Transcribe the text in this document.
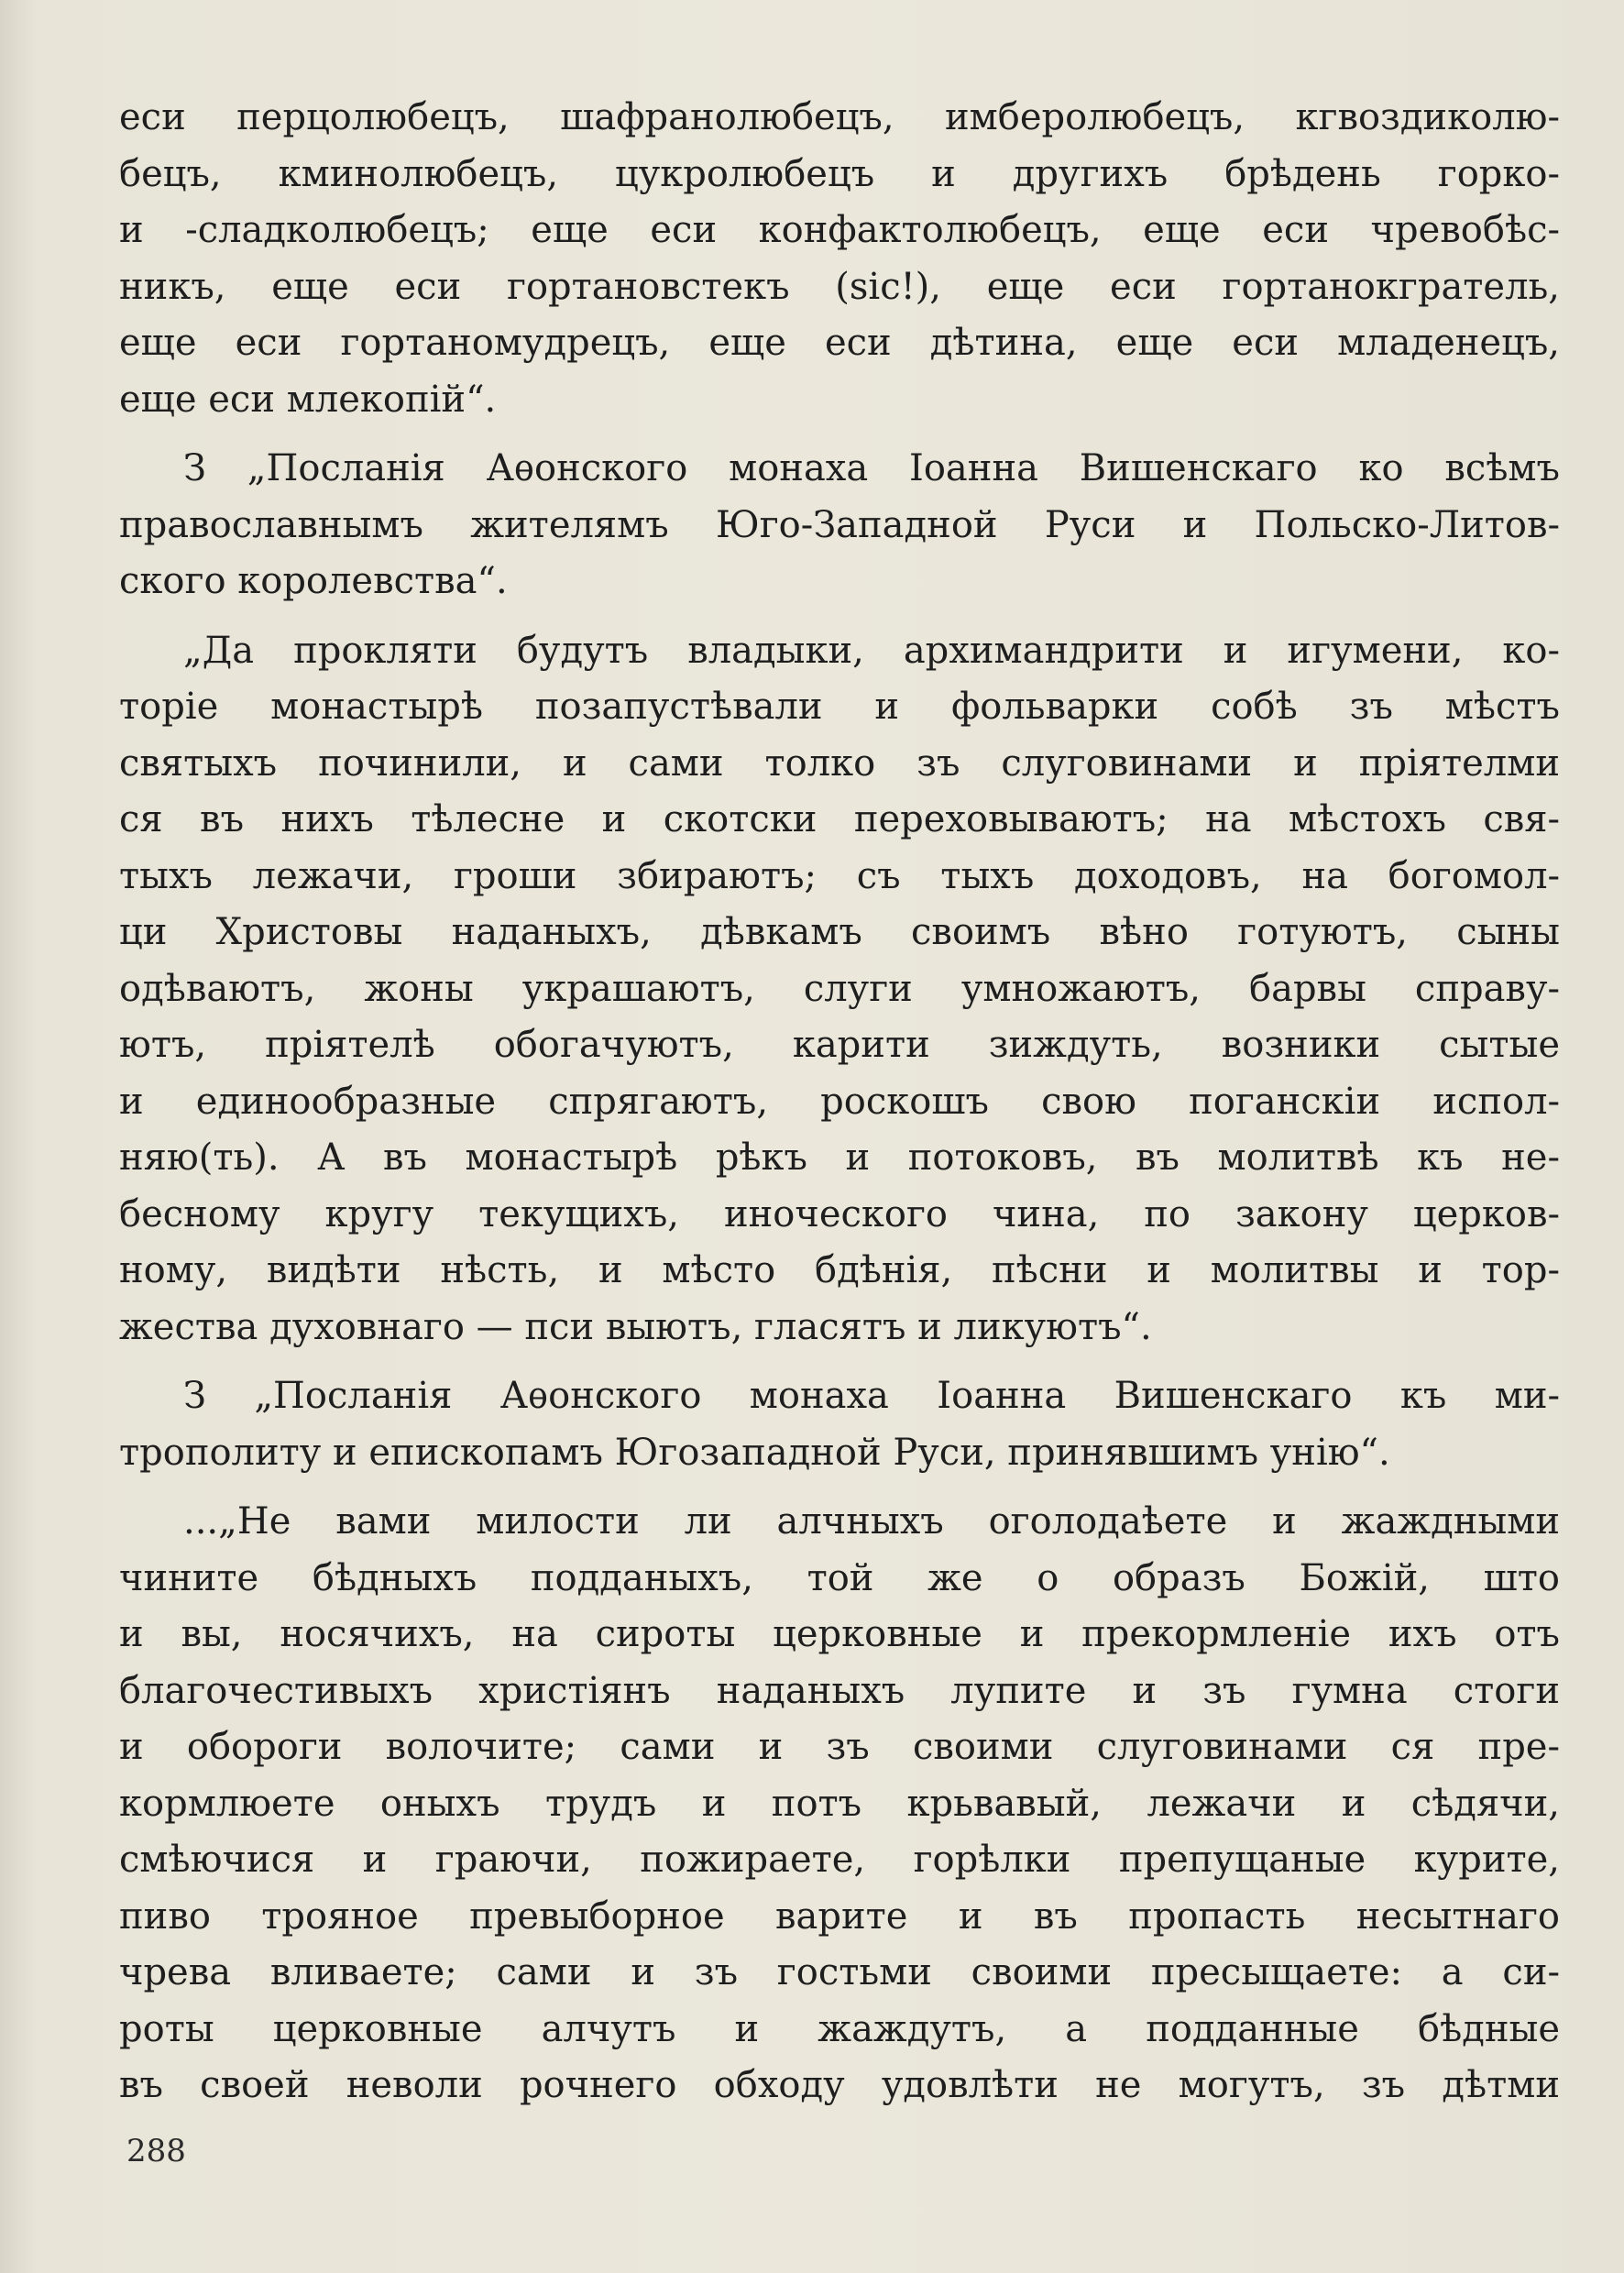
еси перцолюбецъ, шафранолюбецъ, имберолюбецъ, кгвоздиколю-
бецъ, кминолюбецъ, цукролюбецъ и другихъ брѣдень горко-
и -сладколюбецъ; еще еси конфактолюбецъ, еще еси чревобѣс-
никъ, еще еси гортановстекъ (sic!), еще еси гортанокгратель,
еще еси гортаномудрецъ, еще еси дѣтина, еще еси младенецъ,
еще еси млекопій“.
З „Посланія Аѳонского монаха Іоанна Вишенскаго ко всѣмъ
православнымъ жителямъ Юго-Западной Руси и Польско-Литов-
ского королевства“.
„Да прокляти будутъ владыки, архимандрити и игумени, ко-
торіе монастырѣ позапустѣвали и фольварки собѣ зъ мѣстъ
святыхъ починили, и сами толко зъ слуговинами и пріятелми
ся въ нихъ тѣлесне и скотски переховываютъ; на мѣстохъ свя-
тыхъ лежачи, гроши збираютъ; съ тыхъ доходовъ, на богомол-
ци Христовы наданыхъ, дѣвкамъ своимъ вѣно готуютъ, сыны
одѣваютъ, жоны украшаютъ, слуги умножаютъ, барвы справу-
ютъ, пріятелѣ обогачуютъ, карити зиждуть, возники сытые
и единообразные спрягаютъ, роскошъ свою поганскіи испол-
няю(ть). А въ монастырѣ рѣкъ и потоковъ, въ молитвѣ къ не-
бесному кругу текущихъ, иноческого чина, по закону церков-
ному, видѣти нѣсть, и мѣсто бдѣнія, пѣсни и молитвы и тор-
жества духовнаго — пси выютъ, гласятъ и ликуютъ“.
З „Посланія Аѳонского монаха Іоанна Вишенскаго къ ми-
трополиту и епископамъ Югозападной Руси, принявшимъ унію“.
...„Не вами милости ли алчныхъ оголодаѣете и жаждными
чините бѣдныхъ подданыхъ, той же о образъ Божій, што
и вы, носячихъ, на сироты церковные и прекормленіе ихъ отъ
благочестивыхъ христіянъ наданыхъ лупите и зъ гумна стоги
и обороги волочите; сами и зъ своими слуговинами ся пре-
кормлюете оныхъ трудъ и потъ крьвавый, лежачи и сѣдячи,
смѣючися и граючи, пожираете, горѣлки препущаные курите,
пиво трояное превыборное варите и въ пропасть несытнаго
чрева вливаете; сами и зъ гостьми своими пресыщаете: а си-
роты церковные алчутъ и жаждутъ, а подданные бѣдные
въ своей неволи рочнего обходу удовлѣти не могутъ, зъ дѣтми
288
